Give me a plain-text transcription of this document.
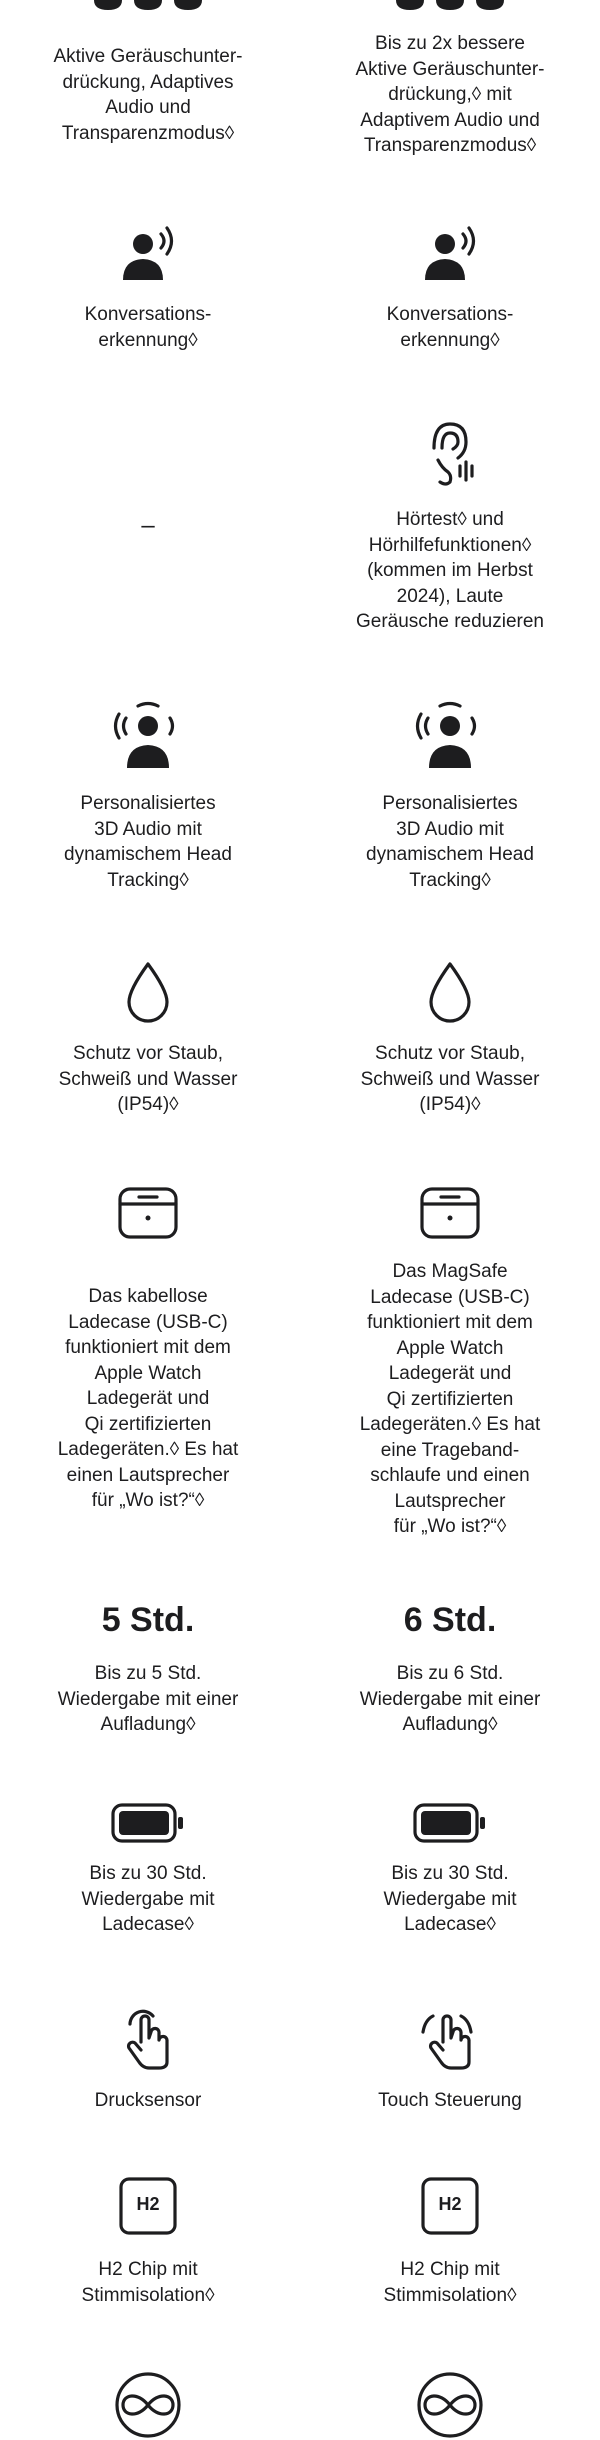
Aktive Geräuschunter-
drückung, Adaptives
Audio und
Transparenzmodus◊
Konversations-
erkennung◊
–
Personalisiertes
3D Audio mit
dynamischem Head
Tracking◊
Schutz vor Staub,
Schweiß und Wasser
(IP54)◊
Das kabellose
Ladecase (USB-C)
funktioniert mit dem
Apple Watch
Ladegerät und
Qi zertifizierten
Ladegeräten.◊ Es hat
einen Lautsprecher
für „Wo ist?“◊
5 Std.
Bis zu 5 Std.
Wiedergabe mit einer
Aufladung◊
Bis zu 30 Std.
Wiedergabe mit
Ladecase◊
Drucksensor
H2
H2 Chip mit
Stimmisolation◊
Bis zu 2x bessere
Aktive Geräuschunter-
drückung,◊ mit
Adaptivem Audio und
Transparenzmodus◊
Konversations-
erkennung◊
Hörtest◊ und
Hörhilfefunktionen◊
(kommen im Herbst
2024), Laute
Geräusche reduzieren
Personalisiertes
3D Audio mit
dynamischem Head
Tracking◊
Schutz vor Staub,
Schweiß und Wasser
(IP54)◊
Das MagSafe
Ladecase (USB-C)
funktioniert mit dem
Apple Watch
Ladegerät und
Qi zertifizierten
Ladegeräten.◊ Es hat
eine Trageband-
schlaufe und einen
Lautsprecher
für „Wo ist?“◊
6 Std.
Bis zu 6 Std.
Wiedergabe mit einer
Aufladung◊
Bis zu 30 Std.
Wiedergabe mit
Ladecase◊
Touch Steuerung
H2
H2 Chip mit
Stimmisolation◊
